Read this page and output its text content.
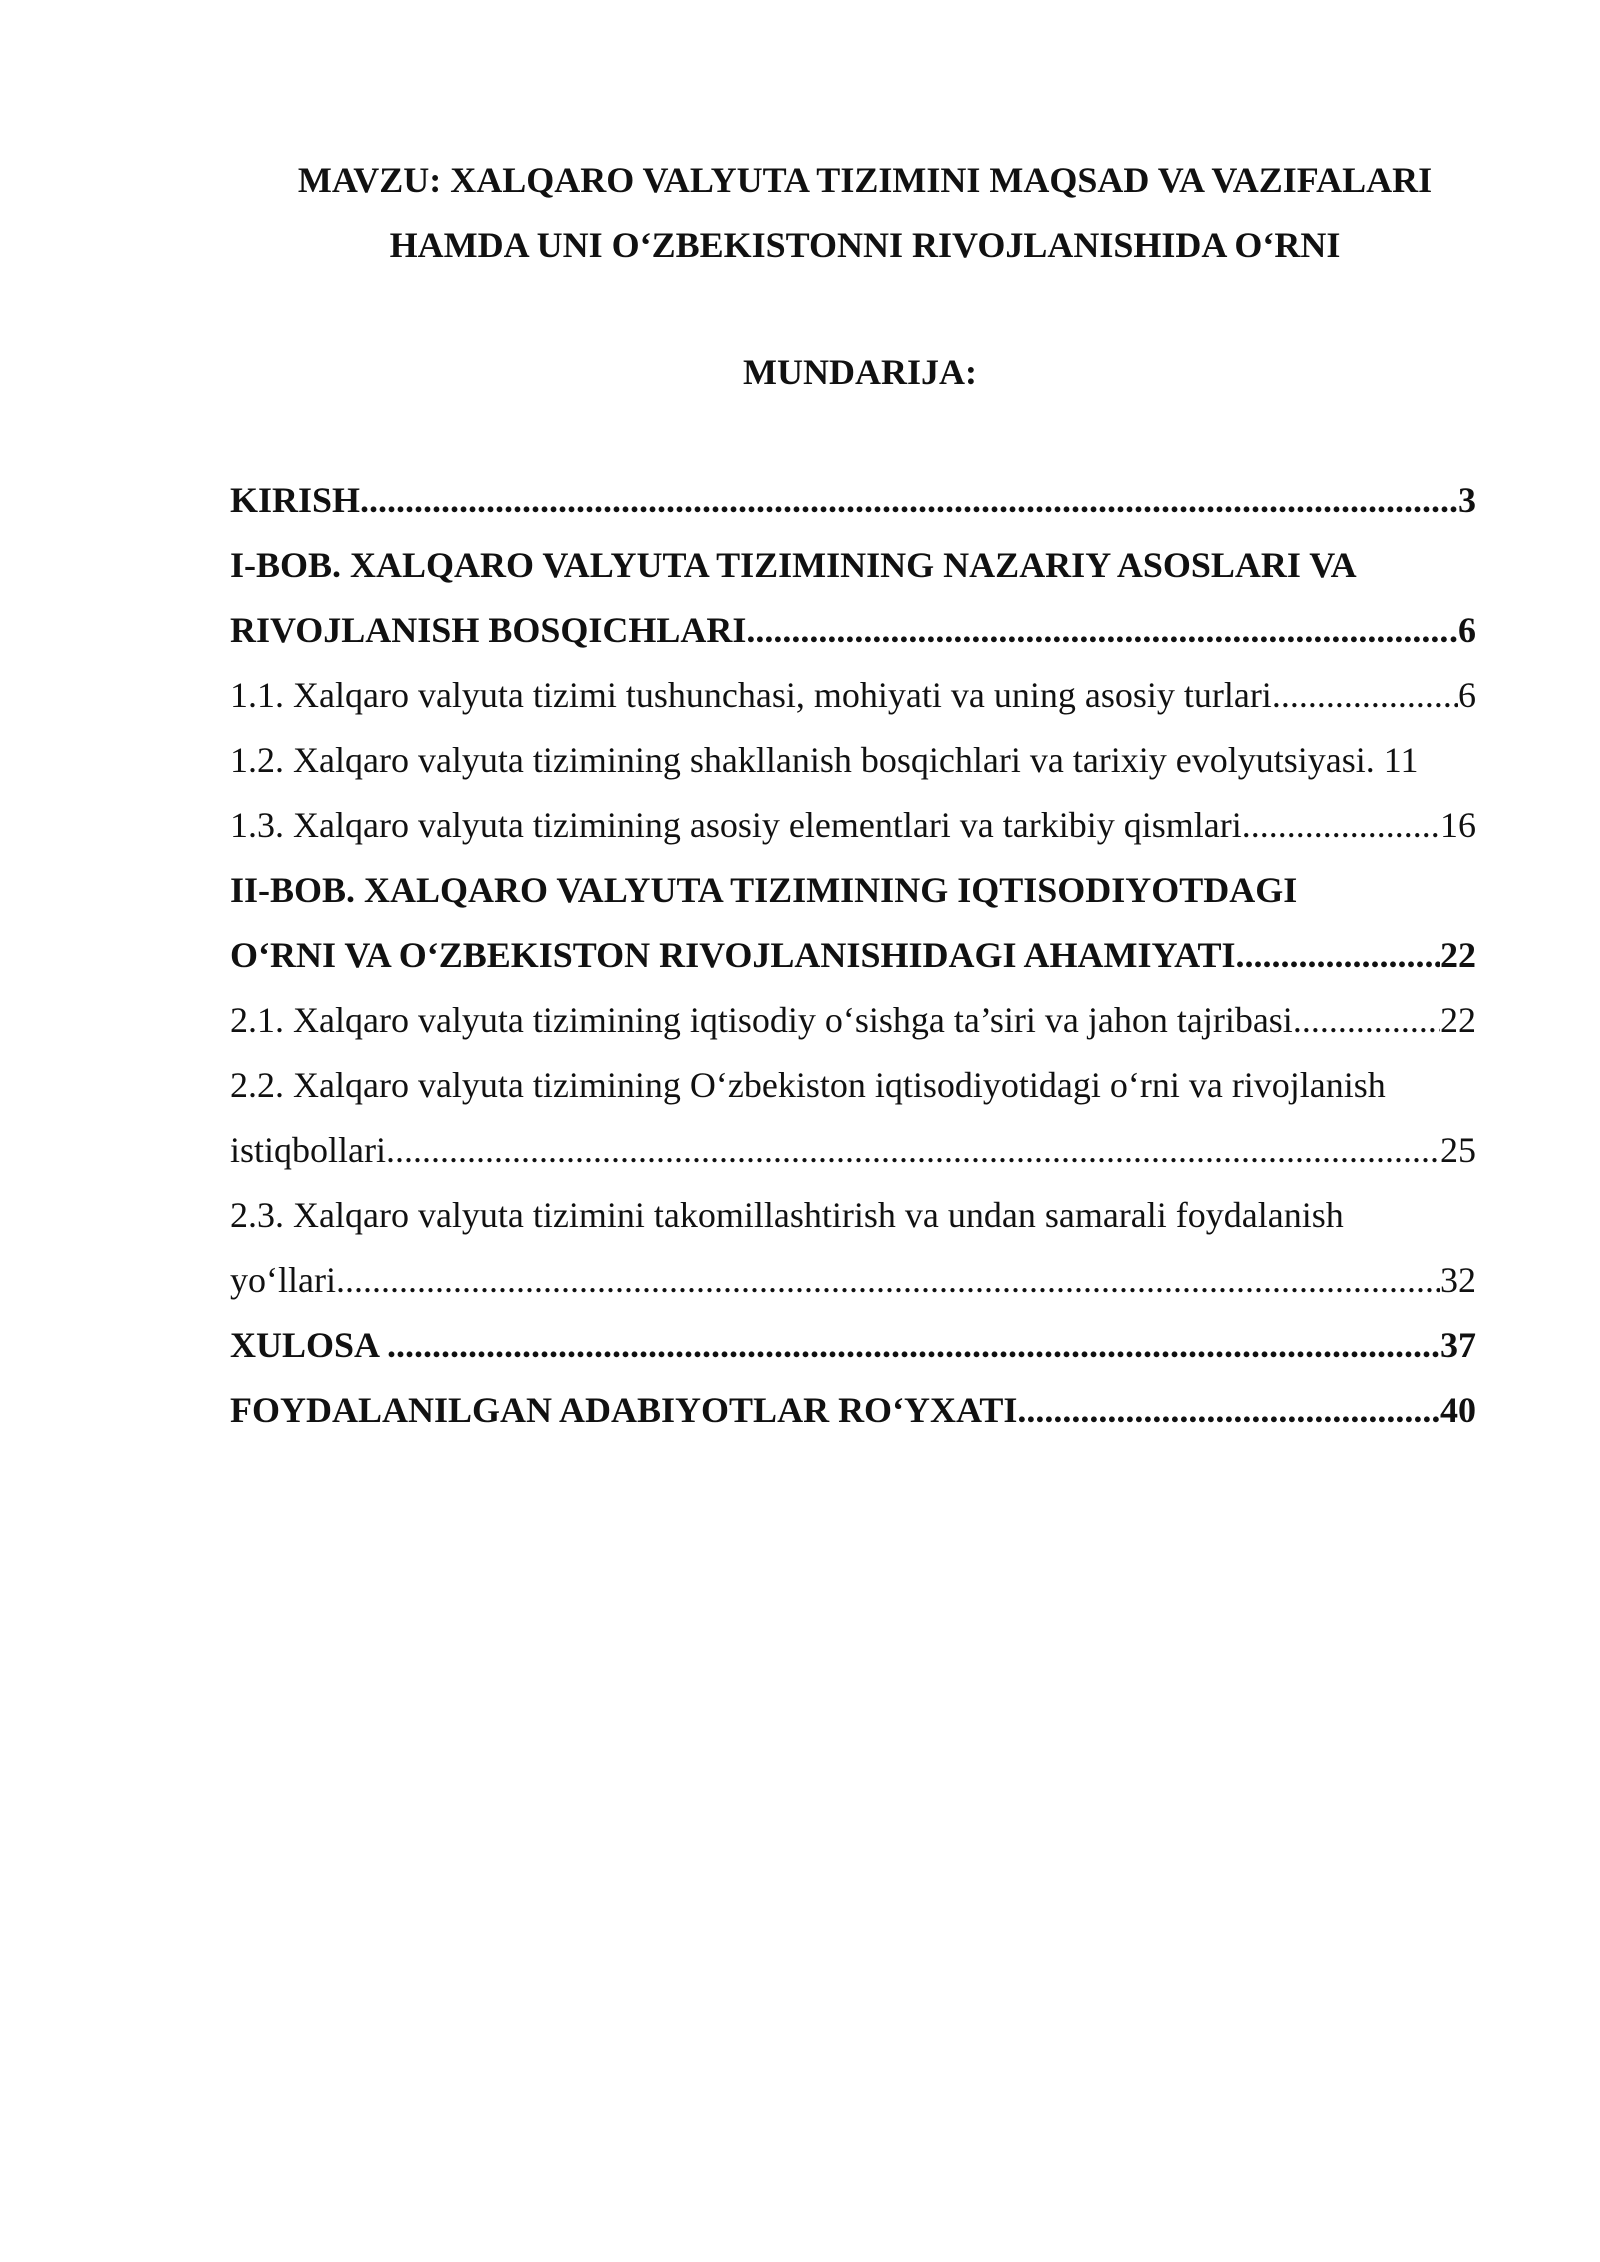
MAVZU: XALQARO VALYUTA TIZIMINI MAQSAD VA VAZIFALARI
HAMDA UNI O‘ZBEKISTONNI RIVOJLANISHIDA O‘RNI
MUNDARIJA:
KIRISH .....	.3
I-BOB. XALQARO VALYUTA TIZIMINING NAZARIY ASOSLARI VA
RIVOJLANISH BOSQICHLARI .....	.6
1.1. Xalqaro valyuta tizimi tushunchasi, mohiyati va uning asosiy turlari .....	6
1.2. Xalqaro valyuta tizimining shakllanish bosqichlari va tarixiy evolyutsiyasi. 11
1.3. Xalqaro valyuta tizimining asosiy elementlari va tarkibiy qismlari .....	16
II-BOB. XALQARO VALYUTA TIZIMINING IQTISODIYOTDAGI
O‘RNI VA O‘ZBEKISTON RIVOJLANISHIDAGI AHAMIYATI .....	22
2.1. Xalqaro valyuta tizimining iqtisodiy o‘sishga ta’siri va jahon tajribasi .....	22
2.2. Xalqaro valyuta tizimining O‘zbekiston iqtisodiyotidagi o‘rni va rivojlanish
istiqbollari .....	25
2.3. Xalqaro valyuta tizimini takomillashtirish va undan samarali foydalanish
yo‘llari .....	32
XULOSA .....	37
FOYDALANILGAN ADABIYOTLAR RO‘YXATI .....	40
